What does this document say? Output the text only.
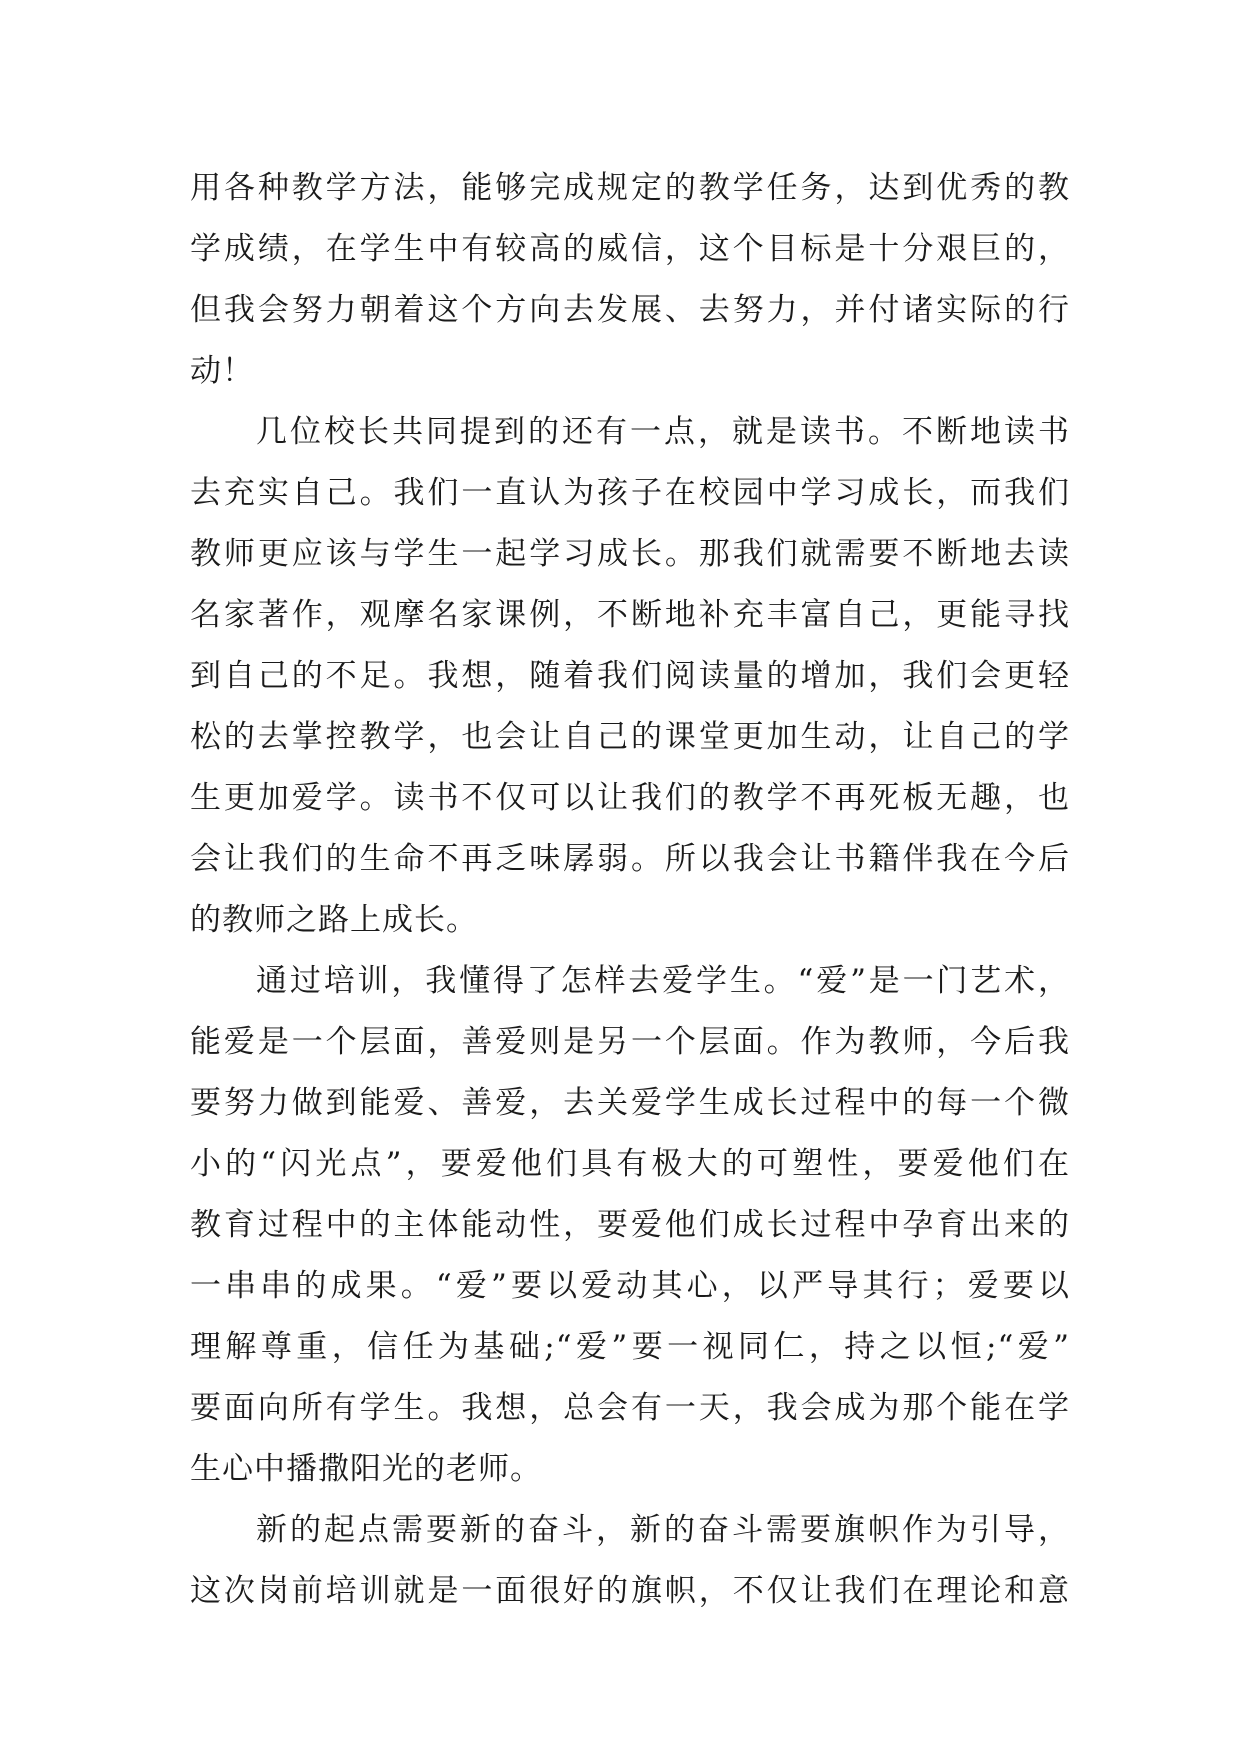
用各种教学方法，能够完成规定的教学任务，达到优秀的教
学成绩，在学生中有较高的威信，这个目标是十分艰巨的，
但我会努力朝着这个方向去发展、去努力，并付诸实际的行
动！
几位校长共同提到的还有一点，就是读书。不断地读书
去充实自己。我们一直认为孩子在校园中学习成长，而我们
教师更应该与学生一起学习成长。那我们就需要不断地去读
名家著作，观摩名家课例，不断地补充丰富自己，更能寻找
到自己的不足。我想，随着我们阅读量的增加，我们会更轻
松的去掌控教学，也会让自己的课堂更加生动，让自己的学
生更加爱学。读书不仅可以让我们的教学不再死板无趣，也
会让我们的生命不再乏味孱弱。所以我会让书籍伴我在今后
的教师之路上成长。
通过培训，我懂得了怎样去爱学生。“爱”是一门艺术，
能爱是一个层面，善爱则是另一个层面。作为教师，今后我
要努力做到能爱、善爱，去关爱学生成长过程中的每一个微
小的“闪光点”，要爱他们具有极大的可塑性，要爱他们在
教育过程中的主体能动性，要爱他们成长过程中孕育出来的
一串串的成果。“爱”要以爱动其心，以严导其行；爱要以
理解尊重，信任为基础;“爱”要一视同仁，持之以恒;“爱”
要面向所有学生。我想，总会有一天，我会成为那个能在学
生心中播撒阳光的老师。
新的起点需要新的奋斗，新的奋斗需要旗帜作为引导，
这次岗前培训就是一面很好的旗帜，不仅让我们在理论和意
